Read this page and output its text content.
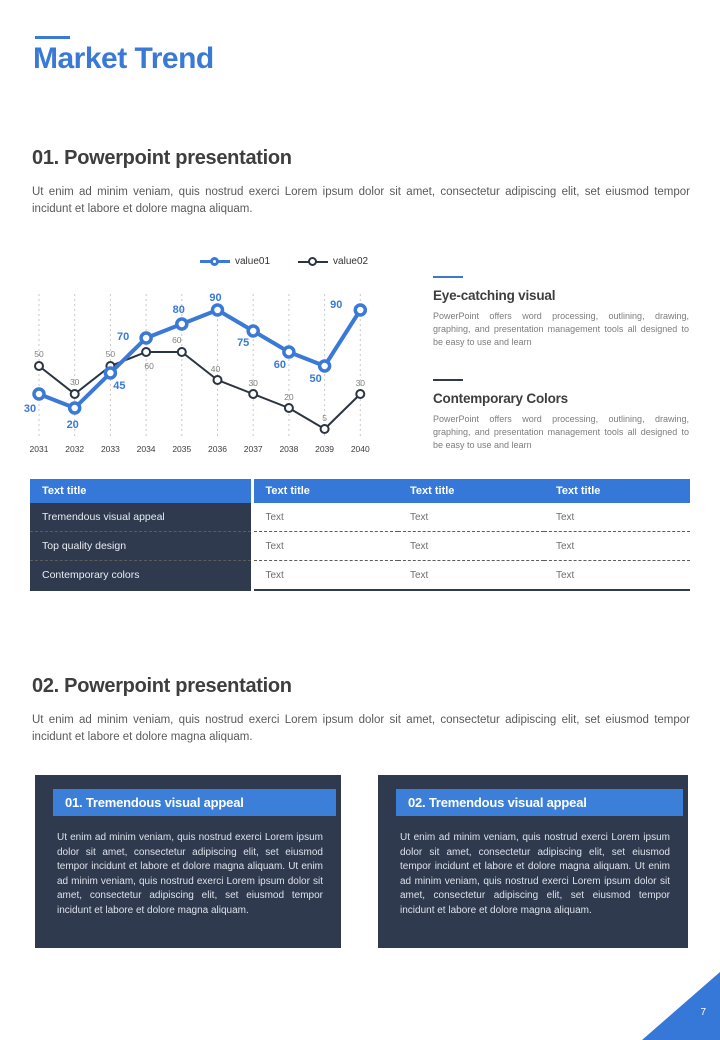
Market Trend
01. Powerpoint presentation
Ut enim ad minim veniam, quis nostrud exerci Lorem ipsum dolor sit amet, consectetur adipiscing elit, set eiusmod tempor incidunt et labore et dolore magna aliquam.
value01	value02
2031 2032 2033 2034 2035 2036 2037 2038 2039 2040
50
30
50
60
60
40
30
20
5
30
30
20
45
70
80
90
75
60
50
90
Eye-catching visual
PowerPoint offers word processing, outlining, drawing, graphing, and presentation management tools all designed to be easy to use and learn
Contemporary Colors
PowerPoint offers word processing, outlining, drawing, graphing, and presentation management tools all designed to be easy to use and learn
Text title	Text title	Text title	Text title
Tremendous visual appeal	Text	Text	Text
Top quality design	Text	Text	Text
Contemporary colors	Text	Text	Text
02. Powerpoint presentation
Ut enim ad minim veniam, quis nostrud exerci Lorem ipsum dolor sit amet, consectetur adipiscing elit, set eiusmod tempor incidunt et labore et dolore magna aliquam.
01. Tremendous visual appeal
Ut enim ad minim veniam, quis nostrud exerci Lorem ipsum dolor sit amet, consectetur adipiscing elit, set eiusmod tempor incidunt et labore et dolore magna aliquam. Ut enim ad minim veniam, quis nostrud exerci Lorem ipsum dolor sit amet, consectetur adipiscing elit, set eiusmod tempor incidunt et labore et dolore magna aliquam.
02. Tremendous visual appeal
Ut enim ad minim veniam, quis nostrud exerci Lorem ipsum dolor sit amet, consectetur adipiscing elit, set eiusmod tempor incidunt et labore et dolore magna aliquam. Ut enim ad minim veniam, quis nostrud exerci Lorem ipsum dolor sit amet, consectetur adipiscing elit, set eiusmod tempor incidunt et labore et dolore magna aliquam.
7
